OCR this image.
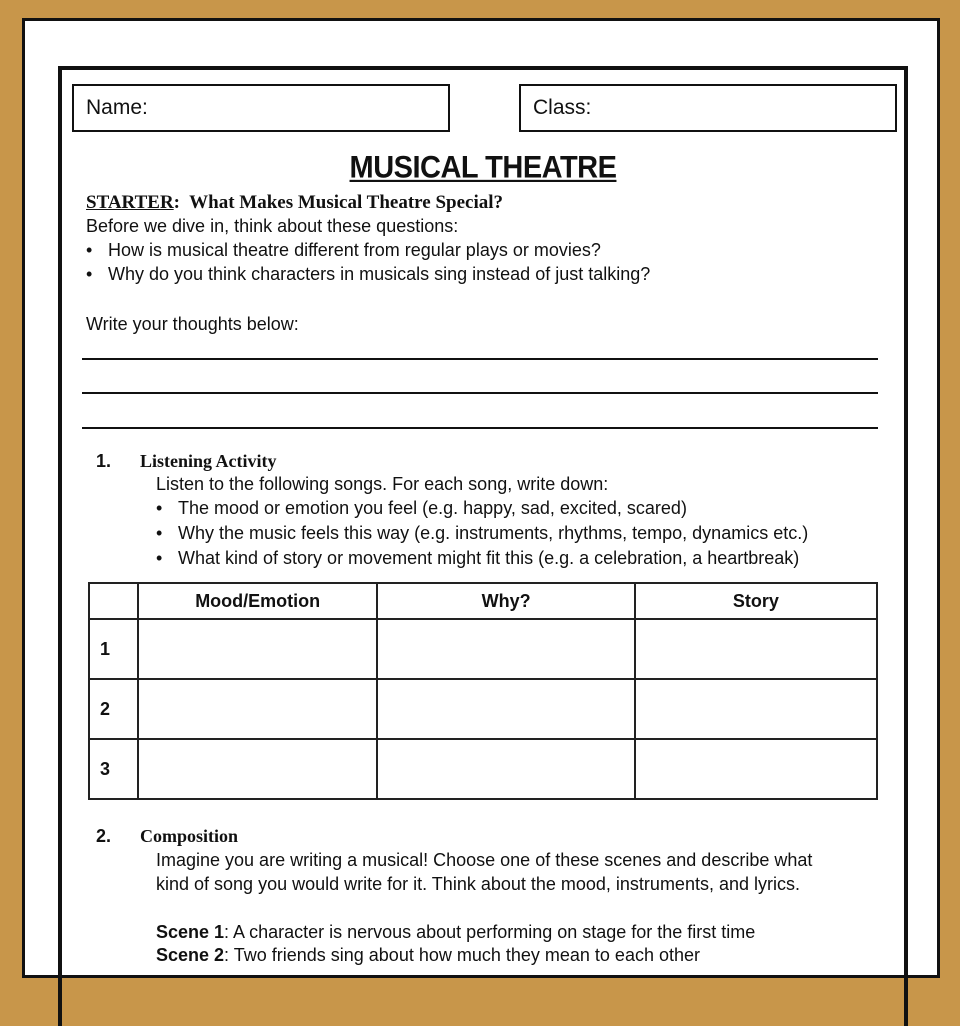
Name:	Class:
MUSICAL THEATRE
STARTER:  What Makes Musical Theatre Special?
Before we dive in, think about these questions:
• How is musical theatre different from regular plays or movies?
• Why do you think characters in musicals sing instead of just talking?
Write your thoughts below:
1. Listening Activity
Listen to the following songs. For each song, write down:
• The mood or emotion you feel (e.g. happy, sad, excited, scared)
• Why the music feels this way (e.g. instruments, rhythms, tempo, dynamics etc.)
• What kind of story or movement might fit this (e.g. a celebration, a heartbreak)
	Mood/Emotion	Why?	Story
1			
2			
3			
2. Composition
Imagine you are writing a musical! Choose one of these scenes and describe what
kind of song you would write for it. Think about the mood, instruments, and lyrics.
Scene 1: A character is nervous about performing on stage for the first time
Scene 2: Two friends sing about how much they mean to each other
